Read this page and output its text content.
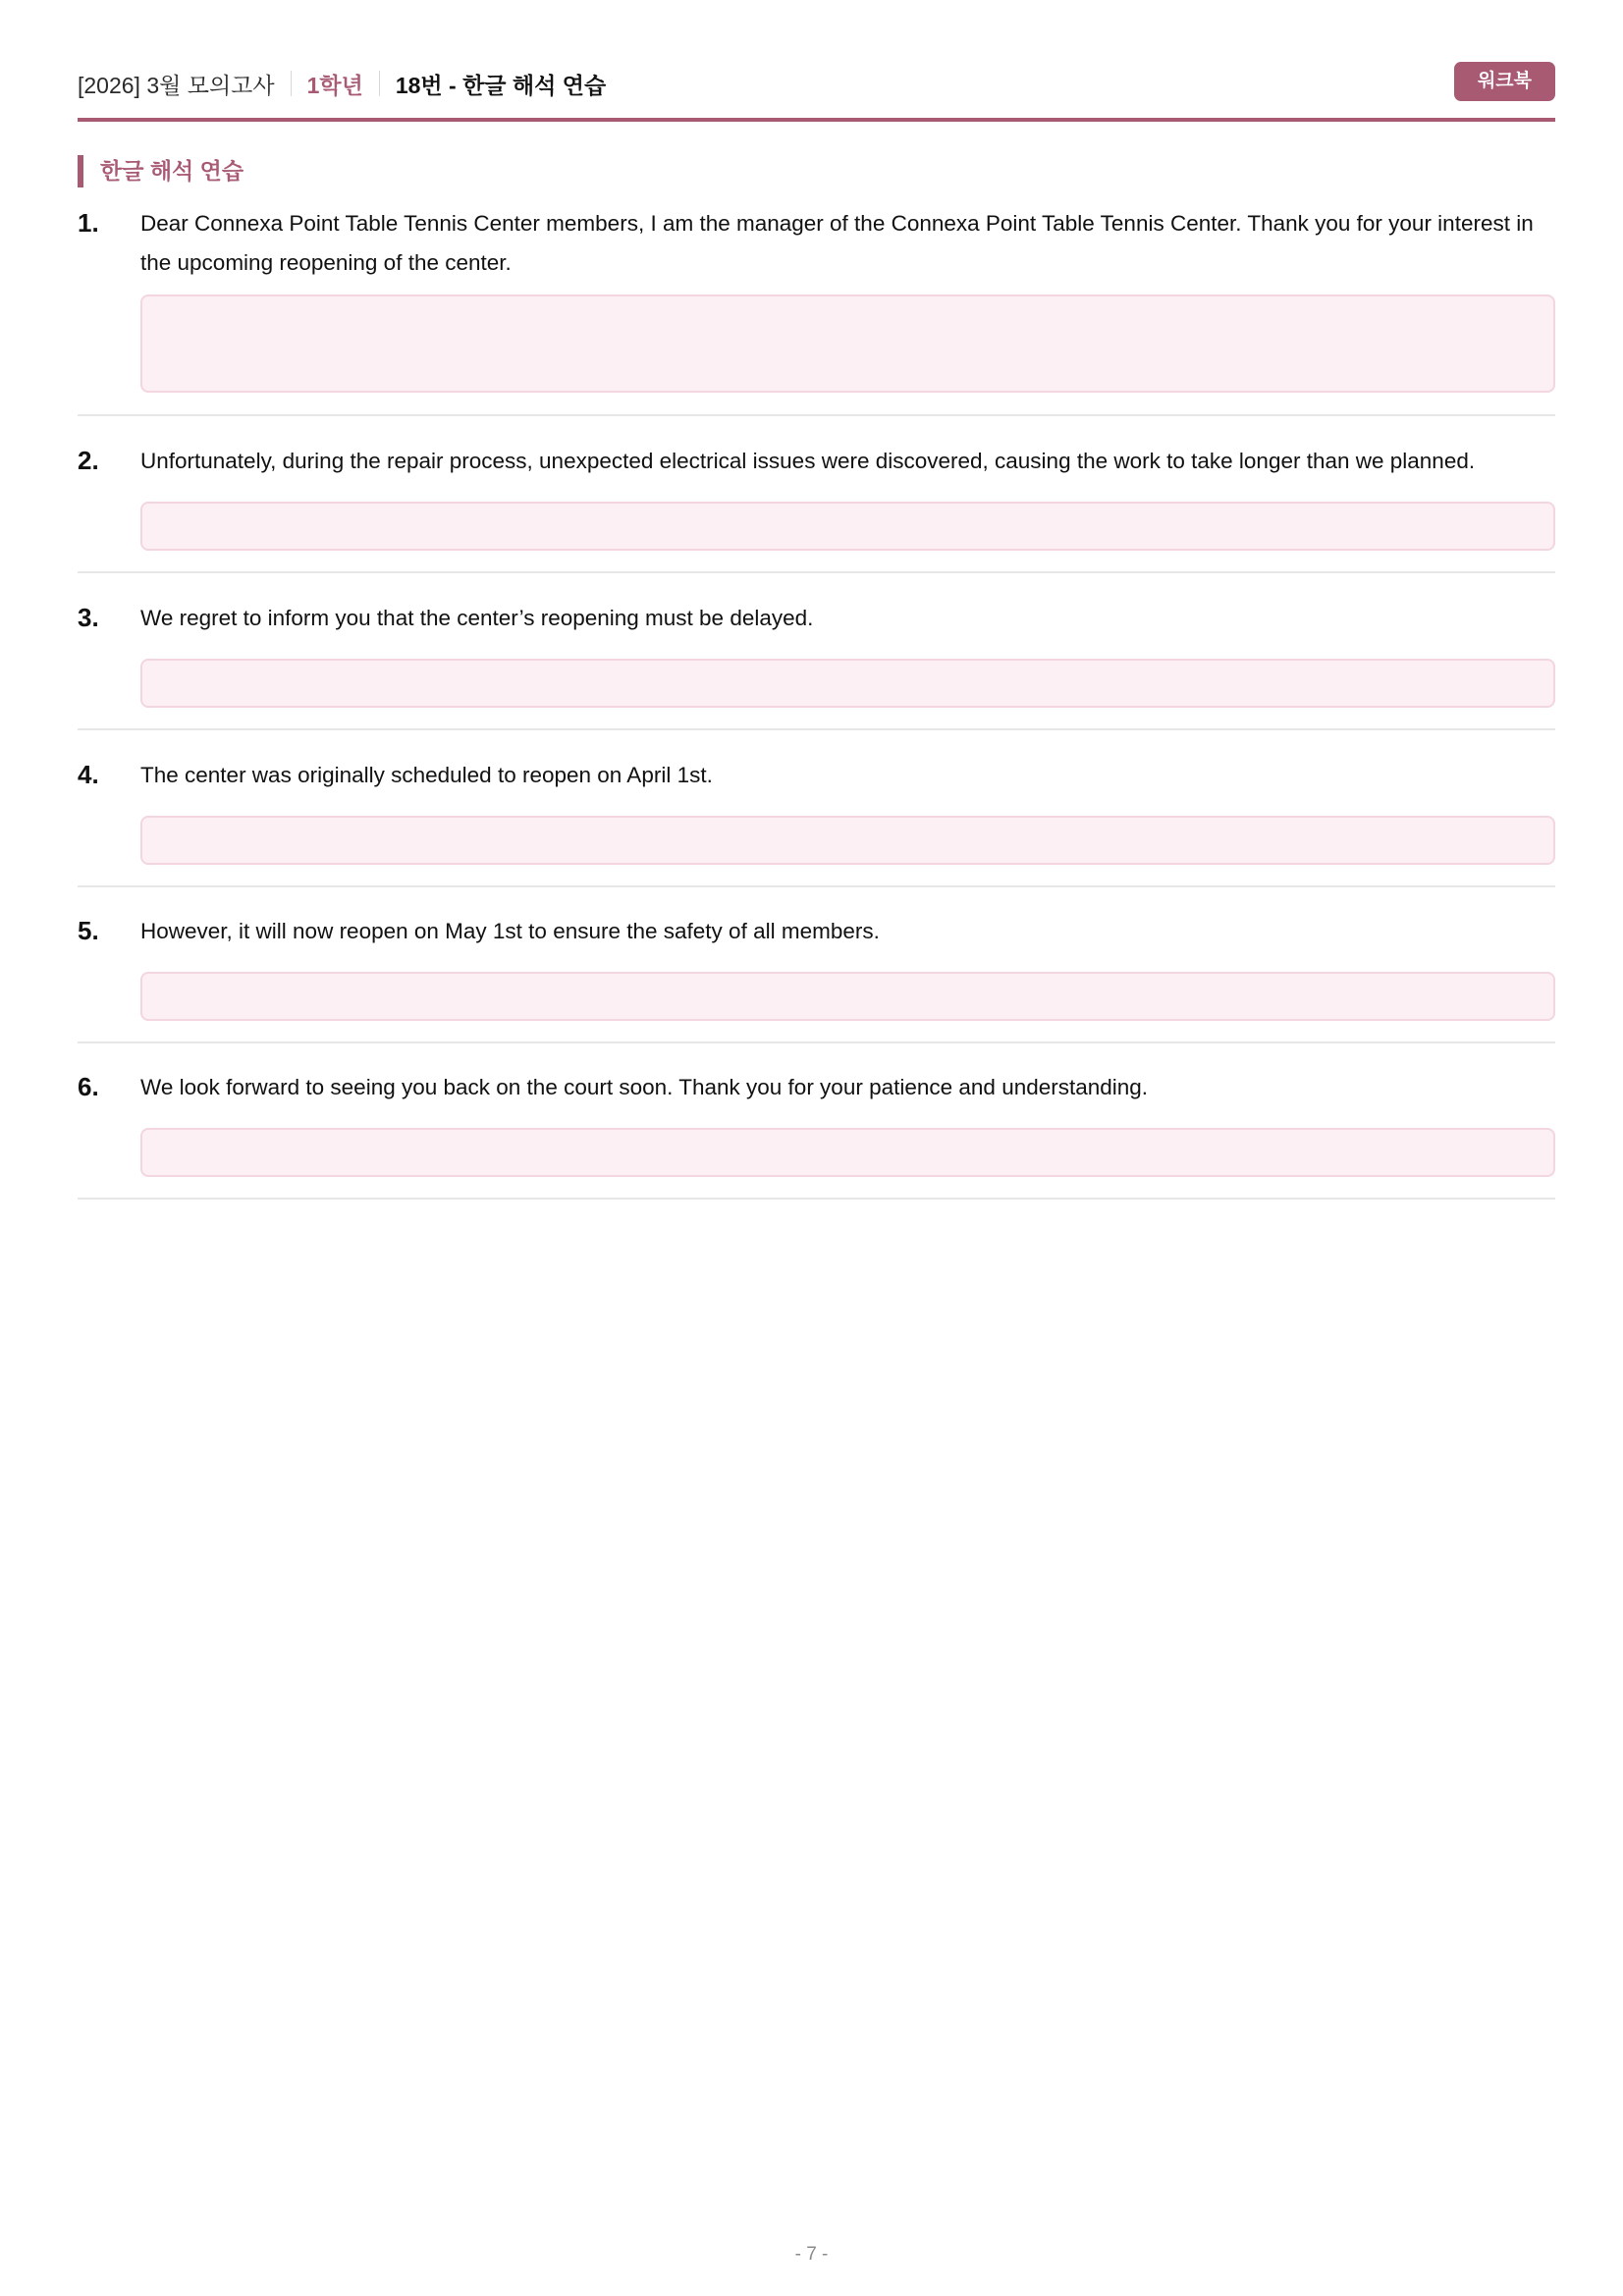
[2026] 3월 모의고사 1학년 18번 - 한글 해석 연습	워크북
한글 해석 연습
1. Dear Connexa Point Table Tennis Center members, I am the manager of the Connexa Point Table Tennis Center. Thank you for your interest in the upcoming reopening of the center.
2. Unfortunately, during the repair process, unexpected electrical issues were discovered, causing the work to take longer than we planned.
3. We regret to inform you that the center’s reopening must be delayed.
4. The center was originally scheduled to reopen on April 1st.
5. However, it will now reopen on May 1st to ensure the safety of all members.
6. We look forward to seeing you back on the court soon. Thank you for your patience and understanding.
- 7 -
